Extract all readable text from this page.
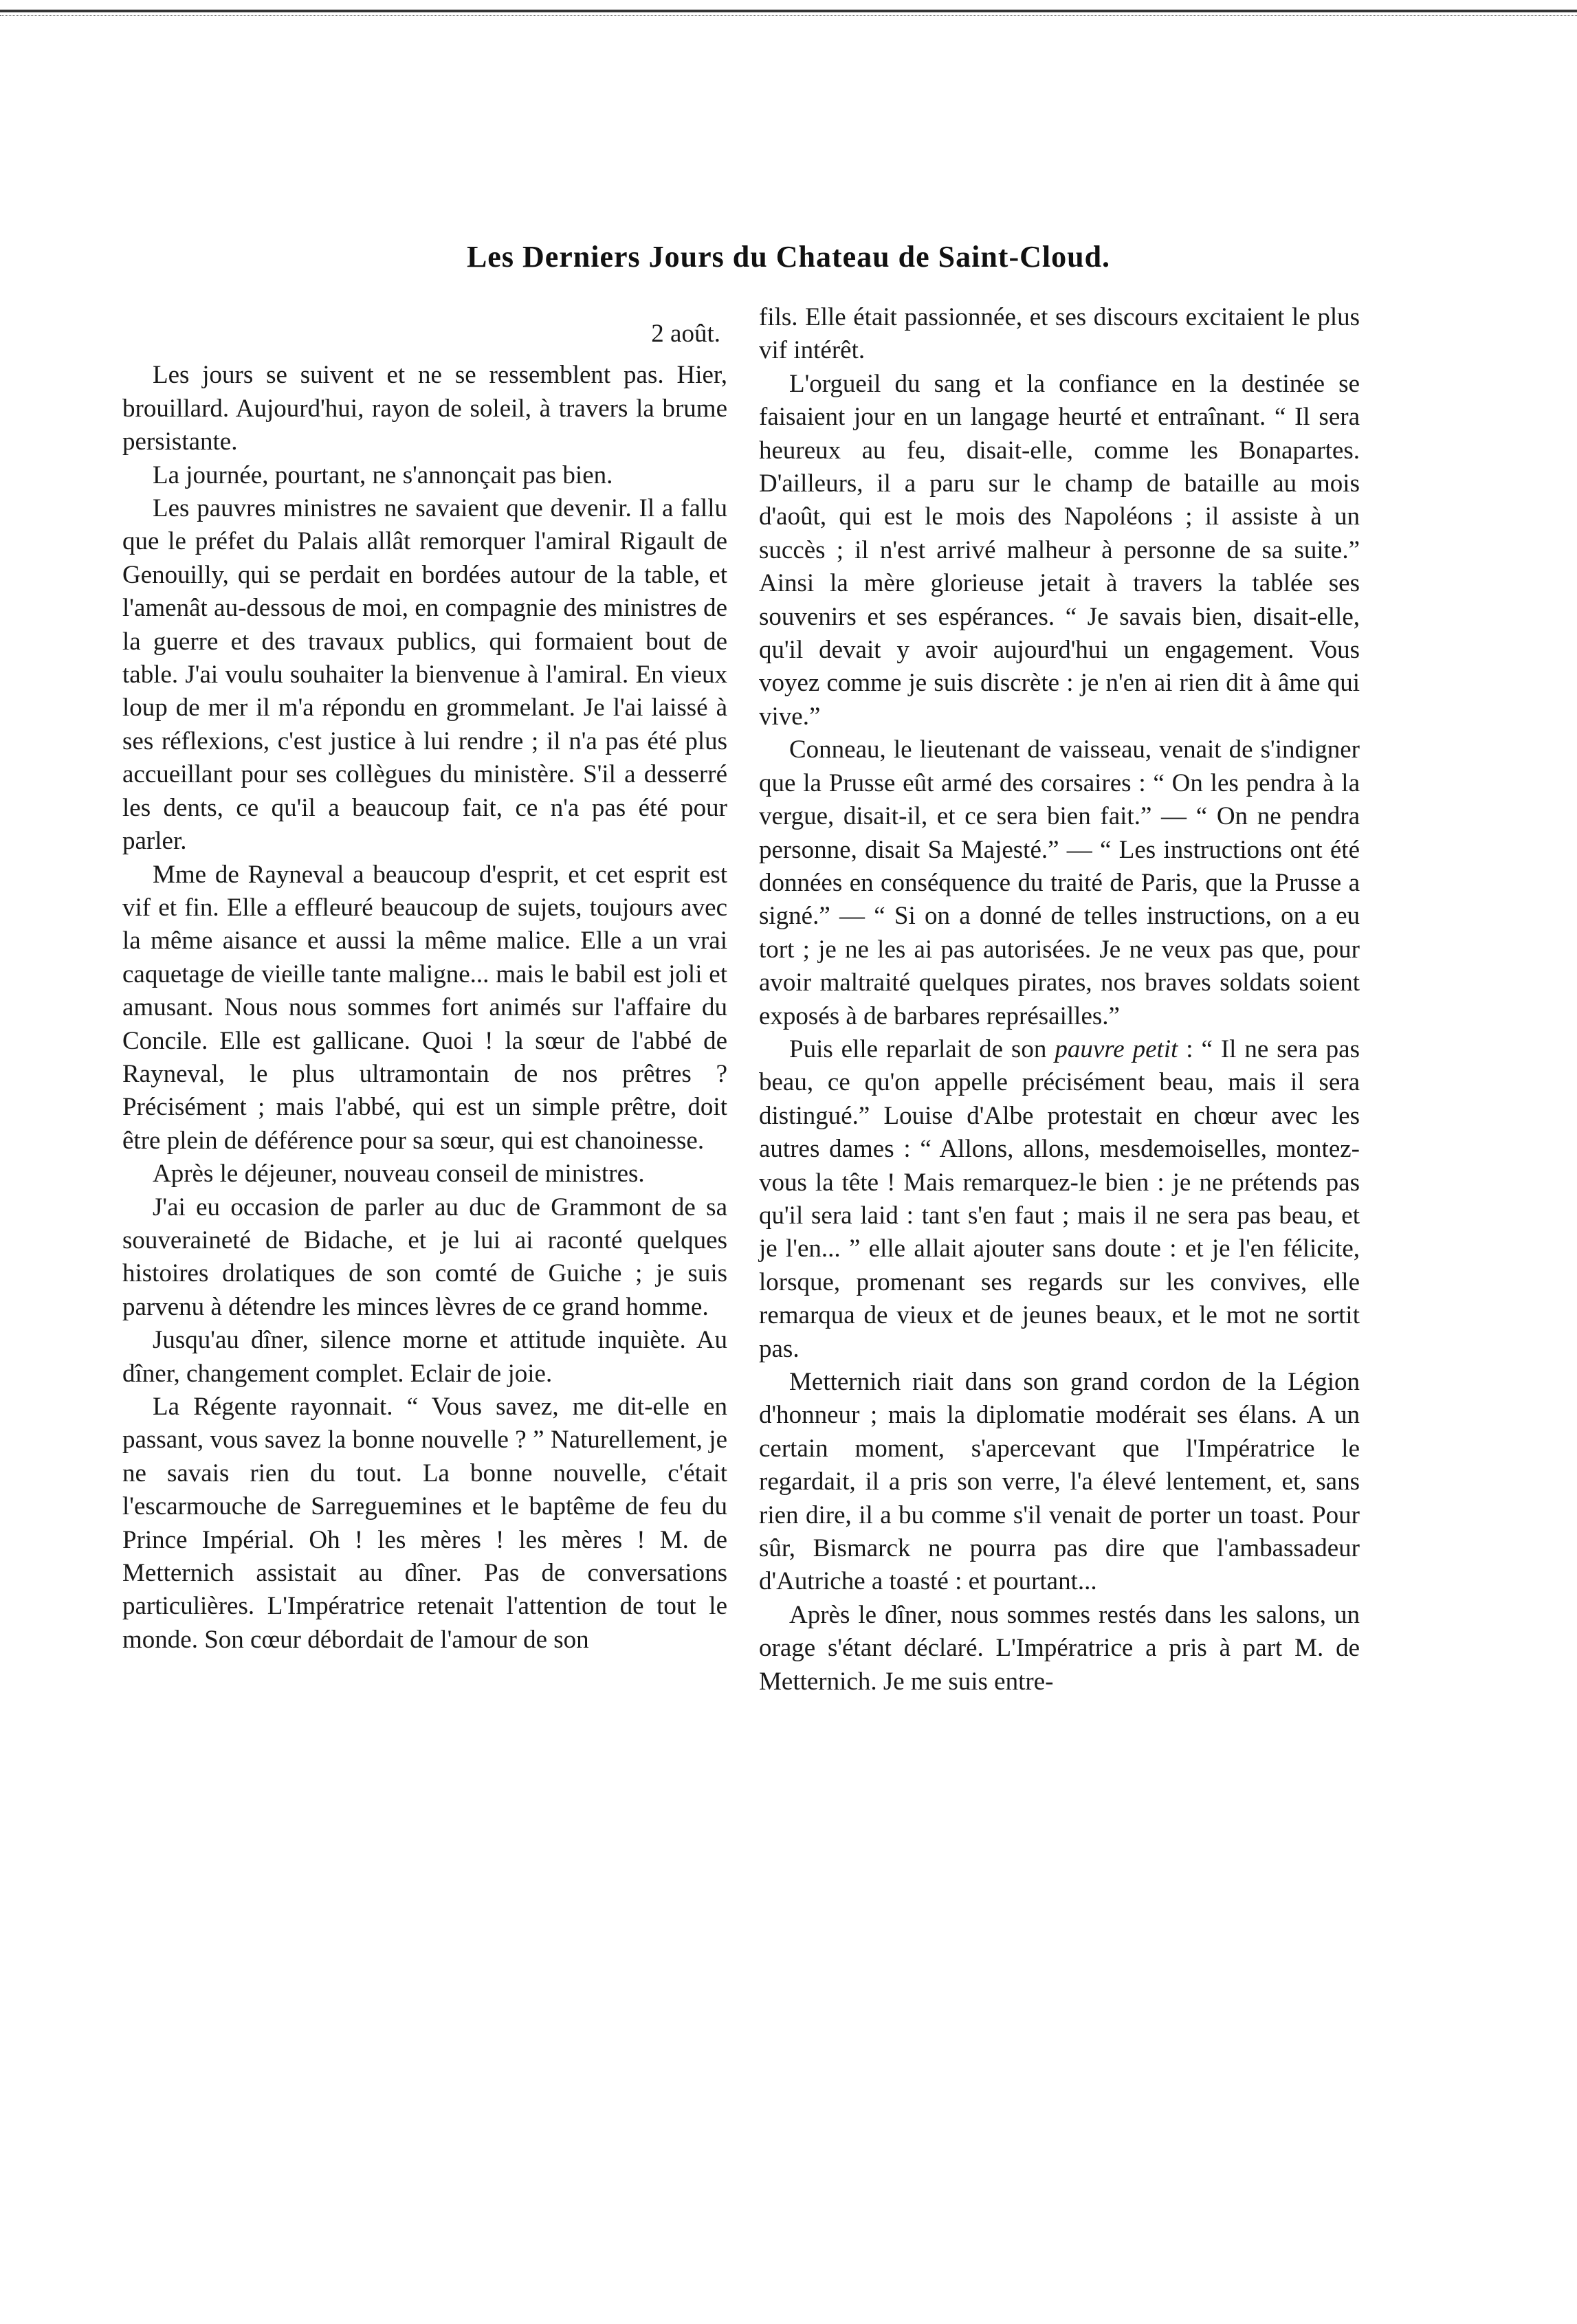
Les Derniers Jours du Chateau de Saint-Cloud.
2 août.

Les jours se suivent et ne se ressemblent pas. Hier, brouillard. Aujourd'hui, rayon de soleil, à travers la brume persistante.

La journée, pourtant, ne s'annonçait pas bien.

Les pauvres ministres ne savaient que devenir. Il a fallu que le préfet du Palais allât remorquer l'amiral Rigault de Genouilly, qui se perdait en bordées autour de la table, et l'amenât au-dessous de moi, en compagnie des ministres de la guerre et des travaux publics, qui formaient bout de table. J'ai voulu souhaiter la bienvenue à l'amiral. En vieux loup de mer il m'a répondu en grommelant. Je l'ai laissé à ses réflexions, c'est justice à lui rendre ; il n'a pas été plus accueillant pour ses collègues du ministère. S'il a desserré les dents, ce qu'il a beaucoup fait, ce n'a pas été pour parler.

Mme de Rayneval a beaucoup d'esprit, et cet esprit est vif et fin. Elle a effleuré beaucoup de sujets, toujours avec la même aisance et aussi la même malice. Elle a un vrai caquetage de vieille tante maligne... mais le babil est joli et amusant. Nous nous sommes fort animés sur l'affaire du Concile. Elle est gallicane. Quoi ! la sœur de l'abbé de Rayneval, le plus ultramontain de nos prêtres ? Précisément ; mais l'abbé, qui est un simple prêtre, doit être plein de déférence pour sa sœur, qui est chanoinesse.

Après le déjeuner, nouveau conseil de ministres.

J'ai eu occasion de parler au duc de Grammont de sa souveraineté de Bidache, et je lui ai raconté quelques histoires drolatiques de son comté de Guiche ; je suis parvenu à détendre les minces lèvres de ce grand homme.

Jusqu'au dîner, silence morne et attitude inquiète. Au dîner, changement complet. Eclair de joie.

La Régente rayonnait. “ Vous savez, me dit-elle en passant, vous savez la bonne nouvelle ? ” Naturellement, je ne savais rien du tout. La bonne nouvelle, c'était l'escarmouche de Sarreguemines et le baptême de feu du Prince Impérial. Oh ! les mères ! les mères ! M. de Metternich assistait au dîner. Pas de conversations particulières. L'Impératrice retenait l'attention de tout le monde. Son cœur débordait de l'amour de son

fils. Elle était passionnée, et ses discours excitaient le plus vif intérêt.

L'orgueil du sang et la confiance en la destinée se faisaient jour en un langage heurté et entraînant. “ Il sera heureux au feu, disait-elle, comme les Bonapartes. D'ailleurs, il a paru sur le champ de bataille au mois d'août, qui est le mois des Napoléons ; il assiste à un succès ; il n'est arrivé malheur à personne de sa suite.” Ainsi la mère glorieuse jetait à travers la tablée ses souvenirs et ses espérances. “ Je savais bien, disait-elle, qu'il devait y avoir aujourd'hui un engagement. Vous voyez comme je suis discrète : je n'en ai rien dit à âme qui vive.”

Conneau, le lieutenant de vaisseau, venait de s'indigner que la Prusse eût armé des corsaires : “ On les pendra à la vergue, disait-il, et ce sera bien fait.” — “ On ne pendra personne, disait Sa Majesté.” — “ Les instructions ont été données en conséquence du traité de Paris, que la Prusse a signé.” — “ Si on a donné de telles instructions, on a eu tort ; je ne les ai pas autorisées. Je ne veux pas que, pour avoir maltraité quelques pirates, nos braves soldats soient exposés à de barbares représailles.”

Puis elle reparlait de son pauvre petit : “ Il ne sera pas beau, ce qu'on appelle précisément beau, mais il sera distingué.” Louise d'Albe protestait en chœur avec les autres dames : “ Allons, allons, mesdemoiselles, montez-vous la tête ! Mais remarquez-le bien : je ne prétends pas qu'il sera laid : tant s'en faut ; mais il ne sera pas beau, et je l'en... ” elle allait ajouter sans doute : et je l'en félicite, lorsque, promenant ses regards sur les convives, elle remarqua de vieux et de jeunes beaux, et le mot ne sortit pas.

Metternich riait dans son grand cordon de la Légion d'honneur ; mais la diplomatie modérait ses élans. A un certain moment, s'apercevant que l'Impératrice le regardait, il a pris son verre, l'a élevé lentement, et, sans rien dire, il a bu comme s'il venait de porter un toast. Pour sûr, Bismarck ne pourra pas dire que l'ambassadeur d'Autriche a toasté : et pourtant...

Après le dîner, nous sommes restés dans les salons, un orage s'étant déclaré. L'Impératrice a pris à part M. de Metternich. Je me suis entre-
